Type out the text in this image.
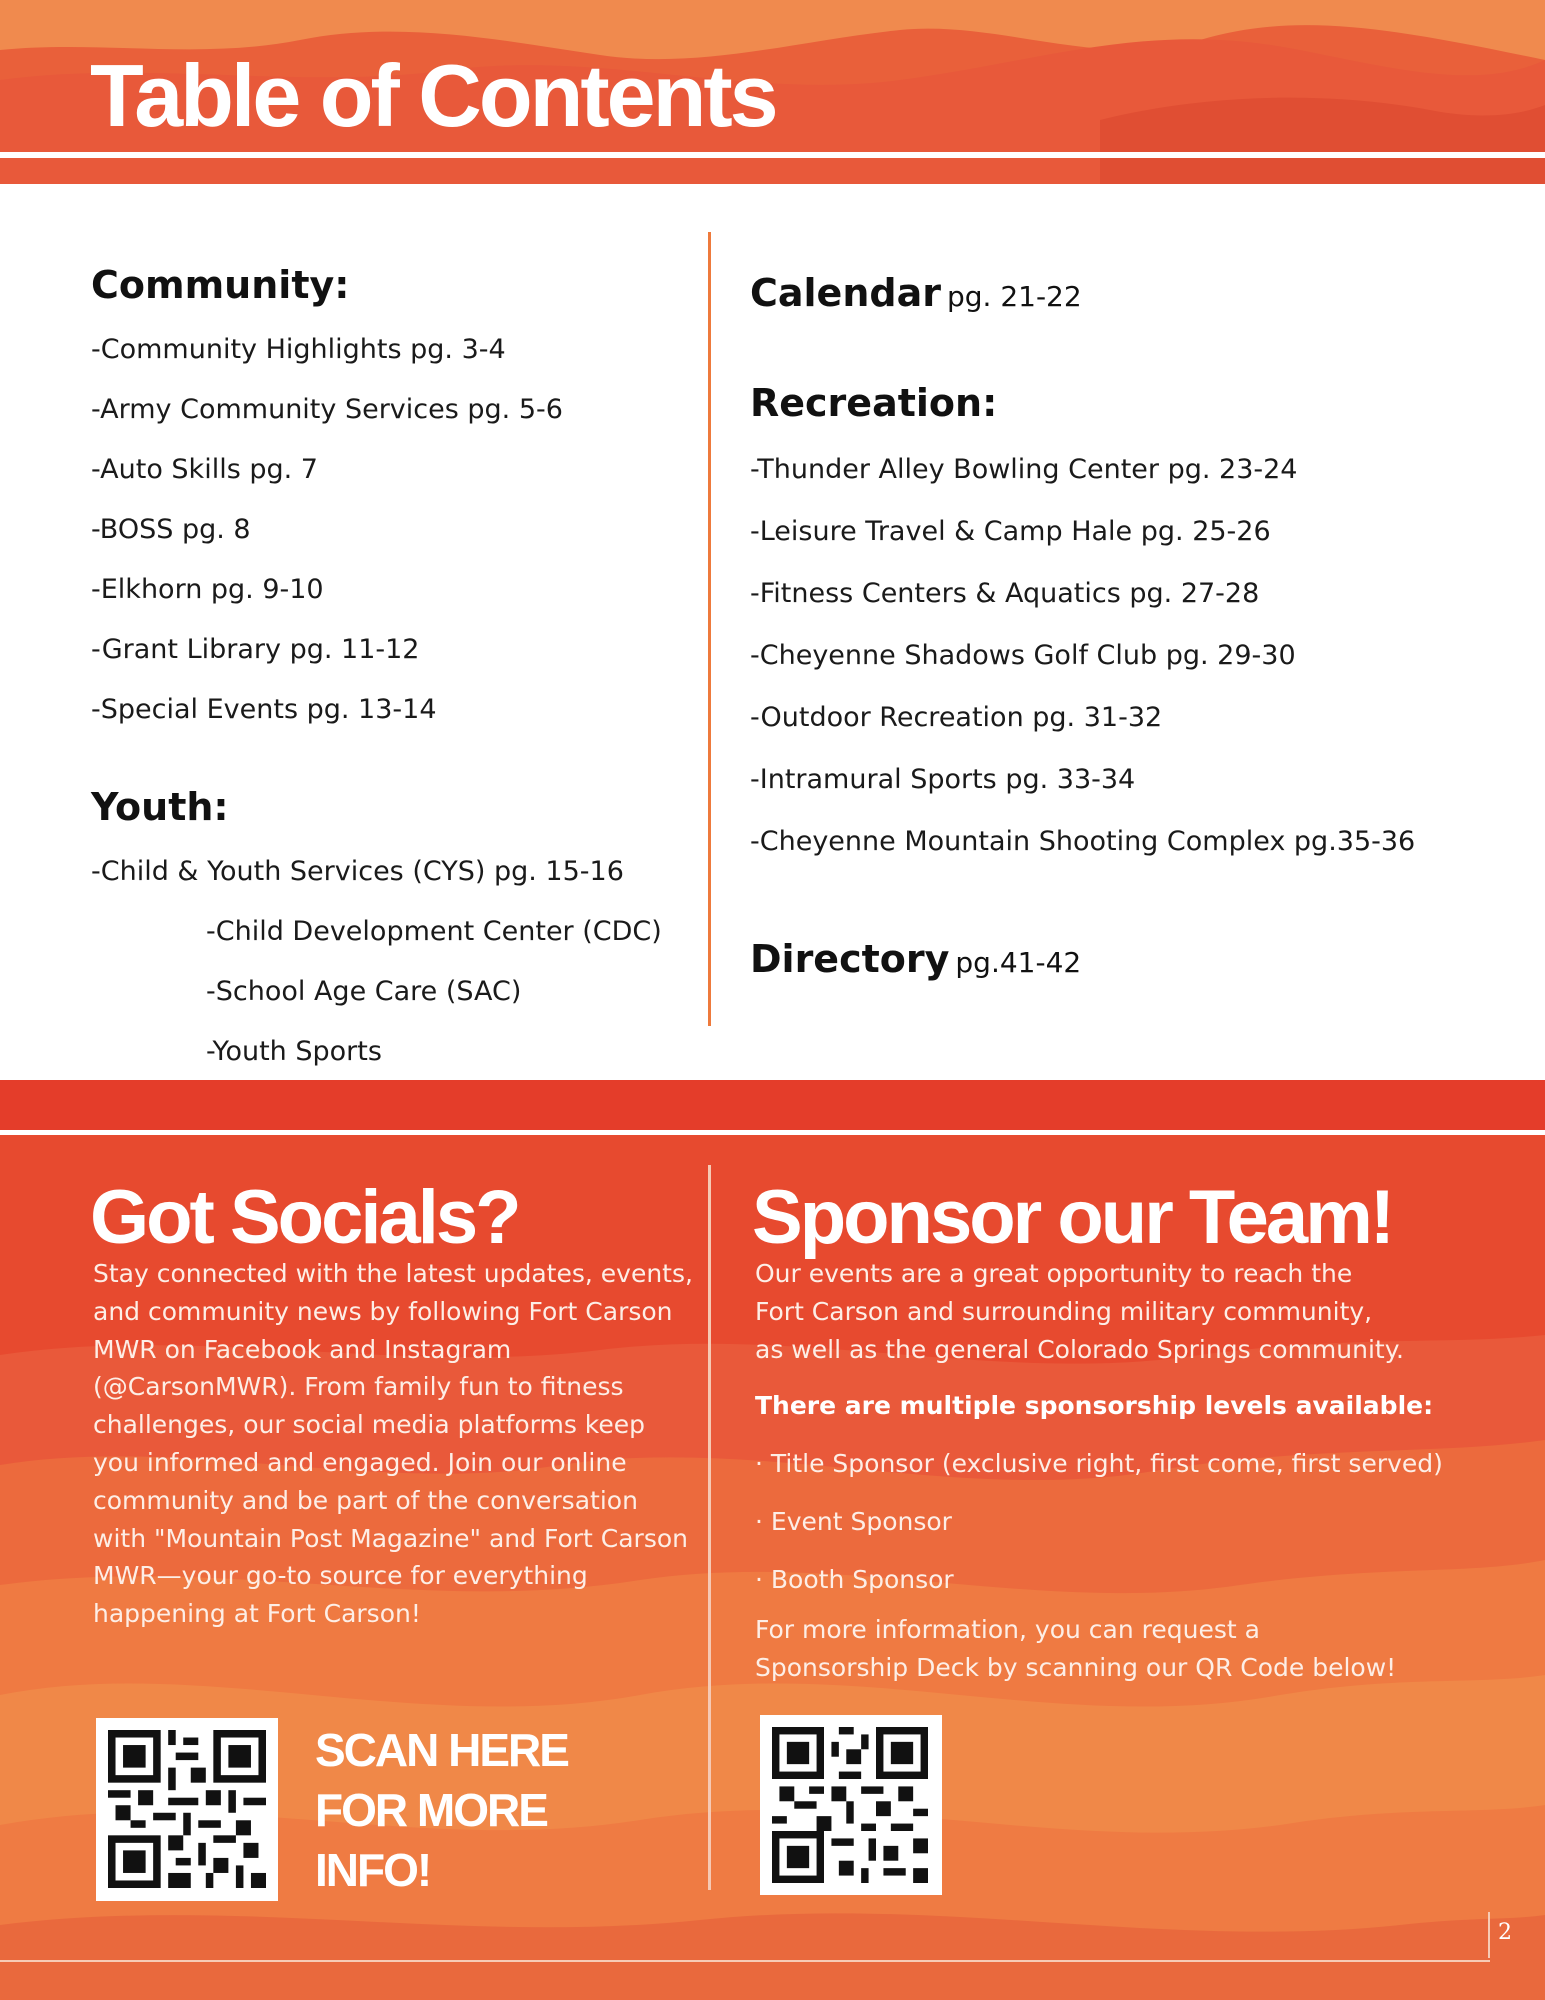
Table of Contents
Community:
-Community Highlights pg. 3-4
-Army Community Services pg. 5-6
-Auto Skills pg. 7
-BOSS pg. 8
-Elkhorn pg. 9-10
-Grant Library pg. 11-12
-Special Events pg. 13-14
Youth:
-Child & Youth Services (CYS) pg. 15-16
-Child Development Center (CDC)
-School Age Care (SAC)
-Youth Sports
Calendar pg. 21-22
Recreation:
-Thunder Alley Bowling Center pg. 23-24
-Leisure Travel & Camp Hale pg. 25-26
-Fitness Centers & Aquatics pg. 27-28
-Cheyenne Shadows Golf Club pg. 29-30
-Outdoor Recreation pg. 31-32
-Intramural Sports pg. 33-34
-Cheyenne Mountain Shooting Complex pg.35-36
Directory pg.41-42
Got Socials?
Stay connected with the latest updates, events, and community news by following Fort Carson MWR on Facebook and Instagram (@CarsonMWR). From family fun to fitness challenges, our social media platforms keep you informed and engaged. Join our online community and be part of the conversation with "Mountain Post Magazine" and Fort Carson MWR—your go-to source for everything happening at Fort Carson!
SCAN HERE FOR MORE INFO!
Sponsor our Team!
Our events are a great opportunity to reach the Fort Carson and surrounding military community, as well as the general Colorado Springs community.
There are multiple sponsorship levels available:
· Title Sponsor (exclusive right, first come, first served)
· Event Sponsor
· Booth Sponsor
For more information, you can request a Sponsorship Deck by scanning our QR Code below!
2
